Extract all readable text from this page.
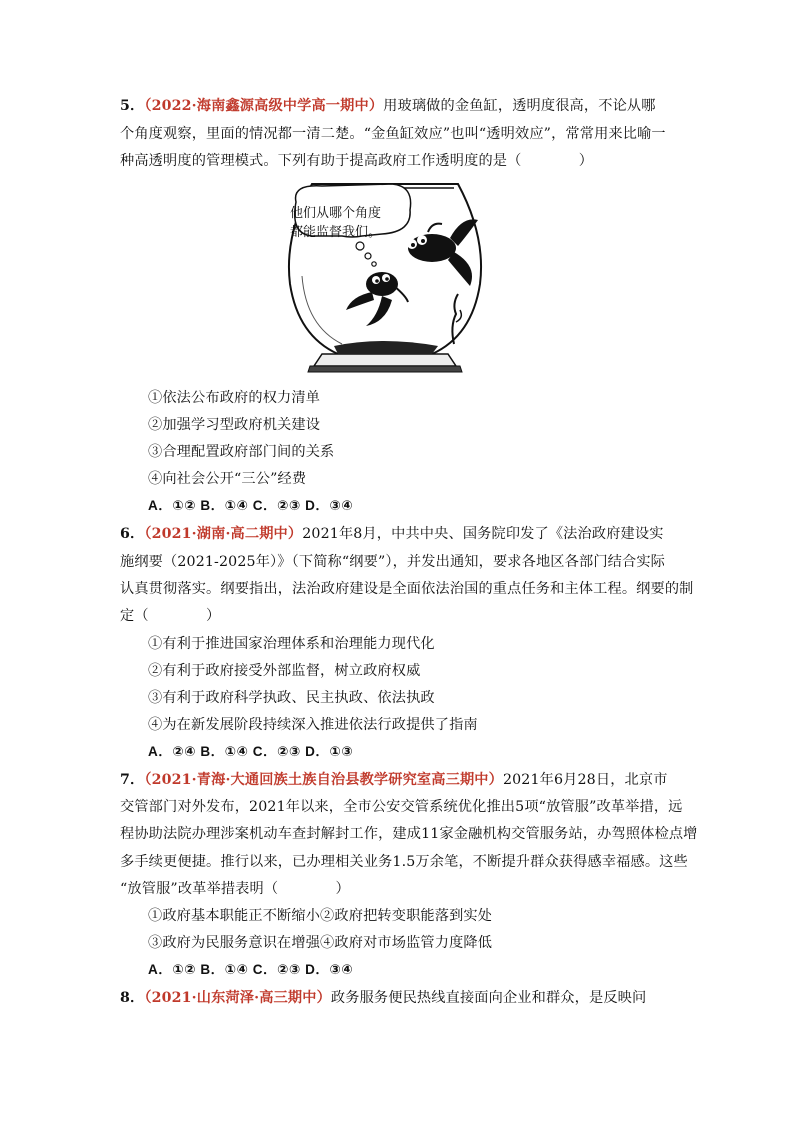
5．（2022·海南鑫源高级中学高一期中）用玻璃做的金鱼缸，透明度很高，不论从哪
个角度观察，里面的情况都一清二楚。“金鱼缸效应”也叫“透明效应”，常常用来比喻一
种高透明度的管理模式。下列有助于提高政府工作透明度的是（　　　　）
他们从哪个角度
都能监督我们。
①依法公布政府的权力清单
②加强学习型政府机关建设
③合理配置政府部门间的关系
④向社会公开“三公”经费
A．①② B．①④ C．②③ D．③④
6．（2021·湖南·高二期中）2021年8月，中共中央、国务院印发了《法治政府建设实
施纲要（2021-2025年）》（下简称“纲要”），并发出通知，要求各地区各部门结合实际
认真贯彻落实。纲要指出，法治政府建设是全面依法治国的重点任务和主体工程。纲要的制
定（　　　　）
①有利于推进国家治理体系和治理能力现代化
②有利于政府接受外部监督，树立政府权威
③有利于政府科学执政、民主执政、依法执政
④为在新发展阶段持续深入推进依法行政提供了指南
A．②④ B．①④ C．②③ D．①③
7．（2021·青海·大通回族土族自治县教学研究室高三期中）2021年6月28日，北京市
交管部门对外发布，2021年以来，全市公安交管系统优化推出5项“放管服”改革举措，远
程协助法院办理涉案机动车查封解封工作，建成11家金融机构交管服务站，办驾照体检点增
多手续更便捷。推行以来，已办理相关业务1.5万余笔，不断提升群众获得感幸福感。这些
“放管服”改革举措表明（　　　　）
①政府基本职能正不断缩小②政府把转变职能落到实处
③政府为民服务意识在增强④政府对市场监管力度降低
A．①② B．①④ C．②③ D．③④
8．（2021·山东菏泽·高三期中）政务服务便民热线直接面向企业和群众，是反映问
